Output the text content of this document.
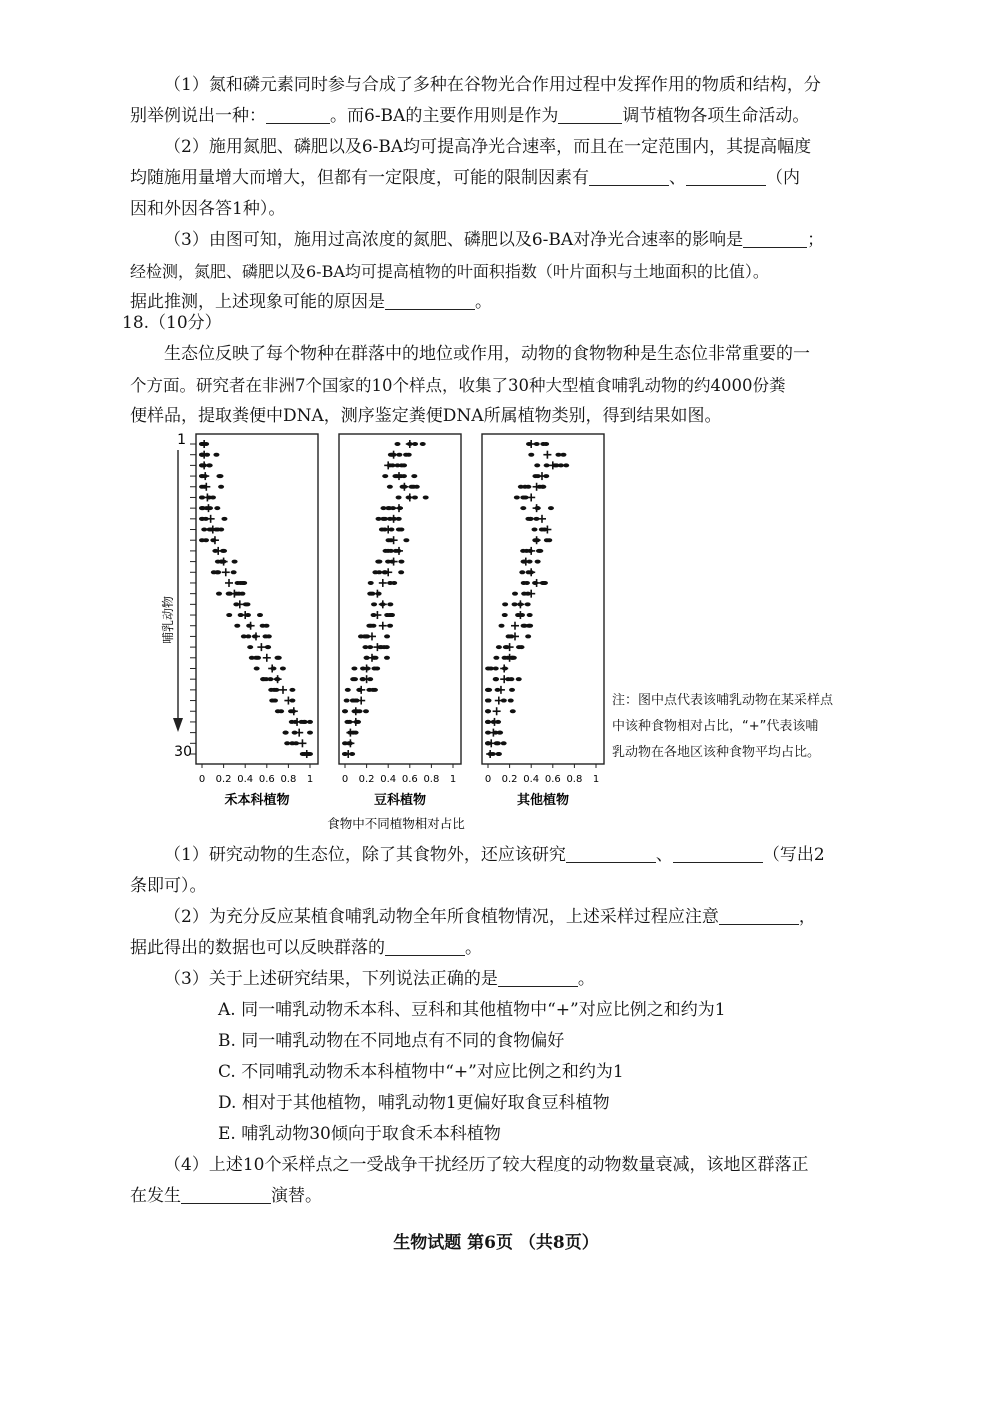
（1）氮和磷元素同时参与合成了多种在谷物光合作用过程中发挥作用的物质和结构，分

别举例说出一种：	。而6-BA的主要作用则是作为	调节植物各项生命活动。

（2）施用氮肥、磷肥以及6-BA均可提高净光合速率，而且在一定范围内，其提高幅度

均随施用量增大而增大，但都有一定限度，可能的限制因素有	、	（内

因和外因各答1种）。

（3）由图可知，施用过高浓度的氮肥、磷肥以及6-BA对净光合速率的影响是	；

经检测，氮肥、磷肥以及6-BA均可提高植物的叶面积指数（叶片面积与土地面积的比值）。

据此推测，上述现象可能的原因是	。

18.（10分）

生态位反映了每个物种在群落中的地位或作用，动物的食物物种是生态位非常重要的一

个方面。研究者在非洲7个国家的10个样点，收集了30种大型植食哺乳动物的约4000份粪

便样品，提取粪便中DNA，测序鉴定粪便DNA所属植物类别，得到结果如图。

0 0.2 0.4 0.6 0.8 1
禾本科植物
0 0.2 0.4 0.6 0.8 1
豆科植物
0 0.2 0.4 0.6 0.8 1
其他植物
1
30
哺乳动物
食物中不同植物相对占比
注：图中点代表该哺乳动物在某采样点
中该种食物相对占比，“+”代表该哺
乳动物在各地区该种食物平均占比。

（1）研究动物的生态位，除了其食物外，还应该研究	、	（写出2

条即可）。

（2）为充分反应某植食哺乳动物全年所食植物情况，上述采样过程应注意	，

据此得出的数据也可以反映群落的	。

（3）关于上述研究结果，下列说法正确的是	。

A. 同一哺乳动物禾本科、豆科和其他植物中“+”对应比例之和约为1
B. 同一哺乳动物在不同地点有不同的食物偏好
C. 不同哺乳动物禾本科植物中“+”对应比例之和约为1
D. 相对于其他植物，哺乳动物1更偏好取食豆科植物
E. 哺乳动物30倾向于取食禾本科植物

（4）上述10个采样点之一受战争干扰经历了较大程度的动物数量衰减，该地区群落正

在发生	演替。

生物试题 第6页 （共8页）
